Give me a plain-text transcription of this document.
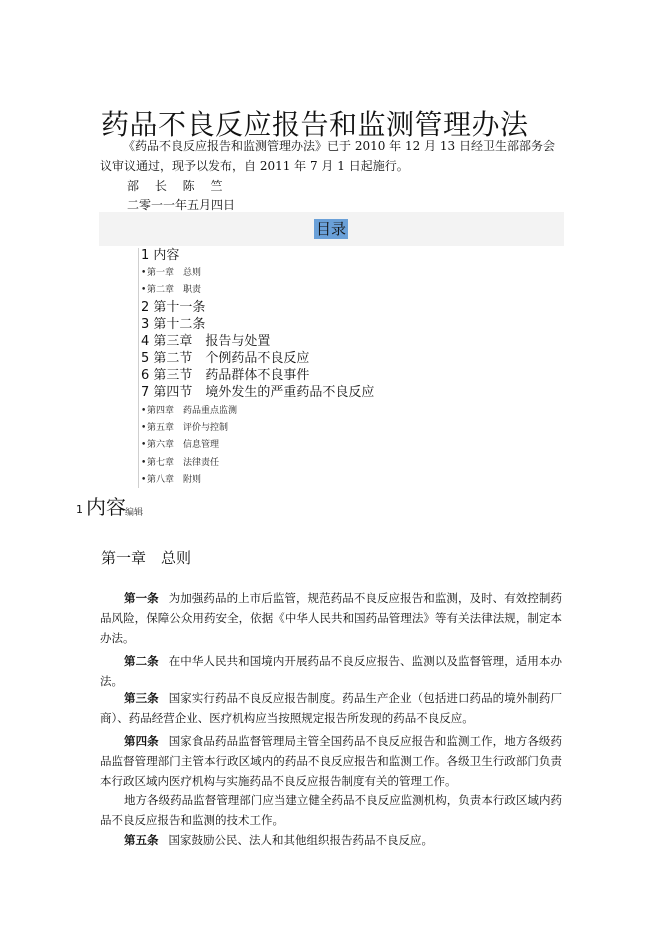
药品不良反应报告和监测管理办法
《药品不良反应报告和监测管理办法》已于 2010 年 12 月 13 日经卫生部部务会议审议通过，现予以发布，自 2011 年 7 月 1 日起施行。
部 长 陈 竺
二零一一年五月四日
目录
1 内容
•第一章　总则
•第二章　职责
2 第十一条
3 第十二条
4 第三章　报告与处置
5 第二节　个例药品不良反应
6 第三节　药品群体不良事件
7 第四节　境外发生的严重药品不良反应
•第四章　药品重点监测
•第五章　评价与控制
•第六章　信息管理
•第七章　法律责任
•第八章　附则
1 内容 编辑
第一章　总则
第一条 为加强药品的上市后监管，规范药品不良反应报告和监测，及时、有效控制药品风险，保障公众用药安全，依据《中华人民共和国药品管理法》等有关法律法规，制定本办法。
第二条 在中华人民共和国境内开展药品不良反应报告、监测以及监督管理，适用本办法。
第三条 国家实行药品不良反应报告制度。药品生产企业（包括进口药品的境外制药厂商）、药品经营企业、医疗机构应当按照规定报告所发现的药品不良反应。
第四条 国家食品药品监督管理局主管全国药品不良反应报告和监测工作，地方各级药品监督管理部门主管本行政区域内的药品不良反应报告和监测工作。各级卫生行政部门负责本行政区域内医疗机构与实施药品不良反应报告制度有关的管理工作。
地方各级药品监督管理部门应当建立健全药品不良反应监测机构，负责本行政区域内药品不良反应报告和监测的技术工作。
第五条 国家鼓励公民、法人和其他组织报告药品不良反应。
